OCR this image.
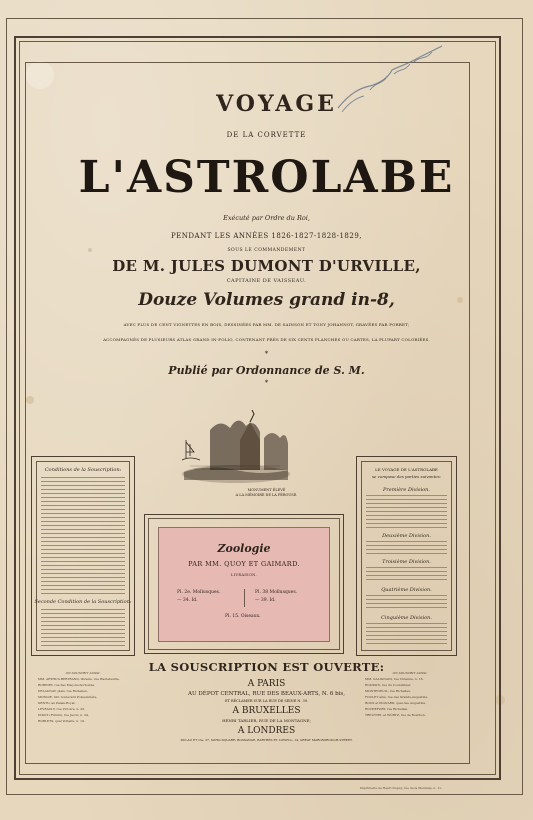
VOYAGE
DE LA CORVETTE
L'ASTROLABE
Exécuté par Ordre du Roi,
PENDANT LES ANNÉES 1826-1827-1828-1829,
SOUS LE COMMANDEMENT
DE M. JULES DUMONT D'URVILLE,
CAPITAINE DE VAISSEAU.
Douze Volumes grand in-8,
AVEC PLUS DE CENT VIGNETTES EN BOIS, DESSINÉES PAR MM. DE SAINSON ET TONY JOHANNOT, GRAVÉES PAR PORRET;
ACCOMPAGNÉS DE PLUSIEURS ATLAS GRAND IN-FOLIO, CONTENANT PRÈS DE SIX CENTS PLANCHES OU CARTES, LA PLUPART COLORIÉES.
*
Publié par Ordonnance de S. M.
*
MONUMENT ÉLEVÉ
A LA MÉMOIRE DE LA PÉROUSE.
Conditions de la Souscription:
Seconde Condition de la Souscription:
LE VOYAGE DE L'ASTROLABE
se compose des parties suivantes:
Première Division.
Deuxième Division.
Troisième Division.
Quatrième Division.
Cinquième Division.
Zoologie
PAR MM. QUOY ET GAIMARD.
LIVRAISON.
Pl. 2e. Mollusques.
— 34. Id.
Pl. 38 Mollusques.
— 39. Id.
Pl. 15. Oiseaux.
LA SOUSCRIPTION EST OUVERTE:
A PARIS
AU DÉPOT CENTRAL, RUE DES BEAUX-ARTS, N. 6 bis,
ET RÉCLAMER SUR LA RUE DE SEINE N. 39.
A BRUXELLES
HENRI TARLIER, RUE DE LA MONTAGNE;
A LONDRES
DULAU ET Cie, 37, SOHO-SQUARE; BOSSANGE, BARTHÈS ET LOWELL, 14, GREAT MARLBOROUGH-STREET.
ON SOUSCRIT AUSSI:
MM. ARTHUS-BERTRAND, libraire, rue Hautefeuille,
ROBINET, rue des Maçons-Sorbonne.
DELAUNAY, plais, rue Richelieu,
MONGIE, libr. boulevard Poissonnière,
DENTU, au Palais-Royal,
LEVRAULT, rue Victoire, n. 26,
DIDOT (Firmin), rue Jacob, n. 24,
ROBLETS, quai Voltaire, n. 19.
ON SOUSCRIT AUSSI:
MM. GALIGNANI, rue Vivienne, n. 18,
ROUSSIN, rue du Coulombier,
MONTENEUIL, rue Richelieu,
FOULET aîné, rue des Grands-Augustins,
ROUX et PIGNARD, quai des Augustins,
ROCHEFORT, rue Richelieu,
TREUTTEL et WÜRTZ, rue de Bourbon.
Imprimerie de Henri Dupuy, rue de la Monnaie, n. 11.
